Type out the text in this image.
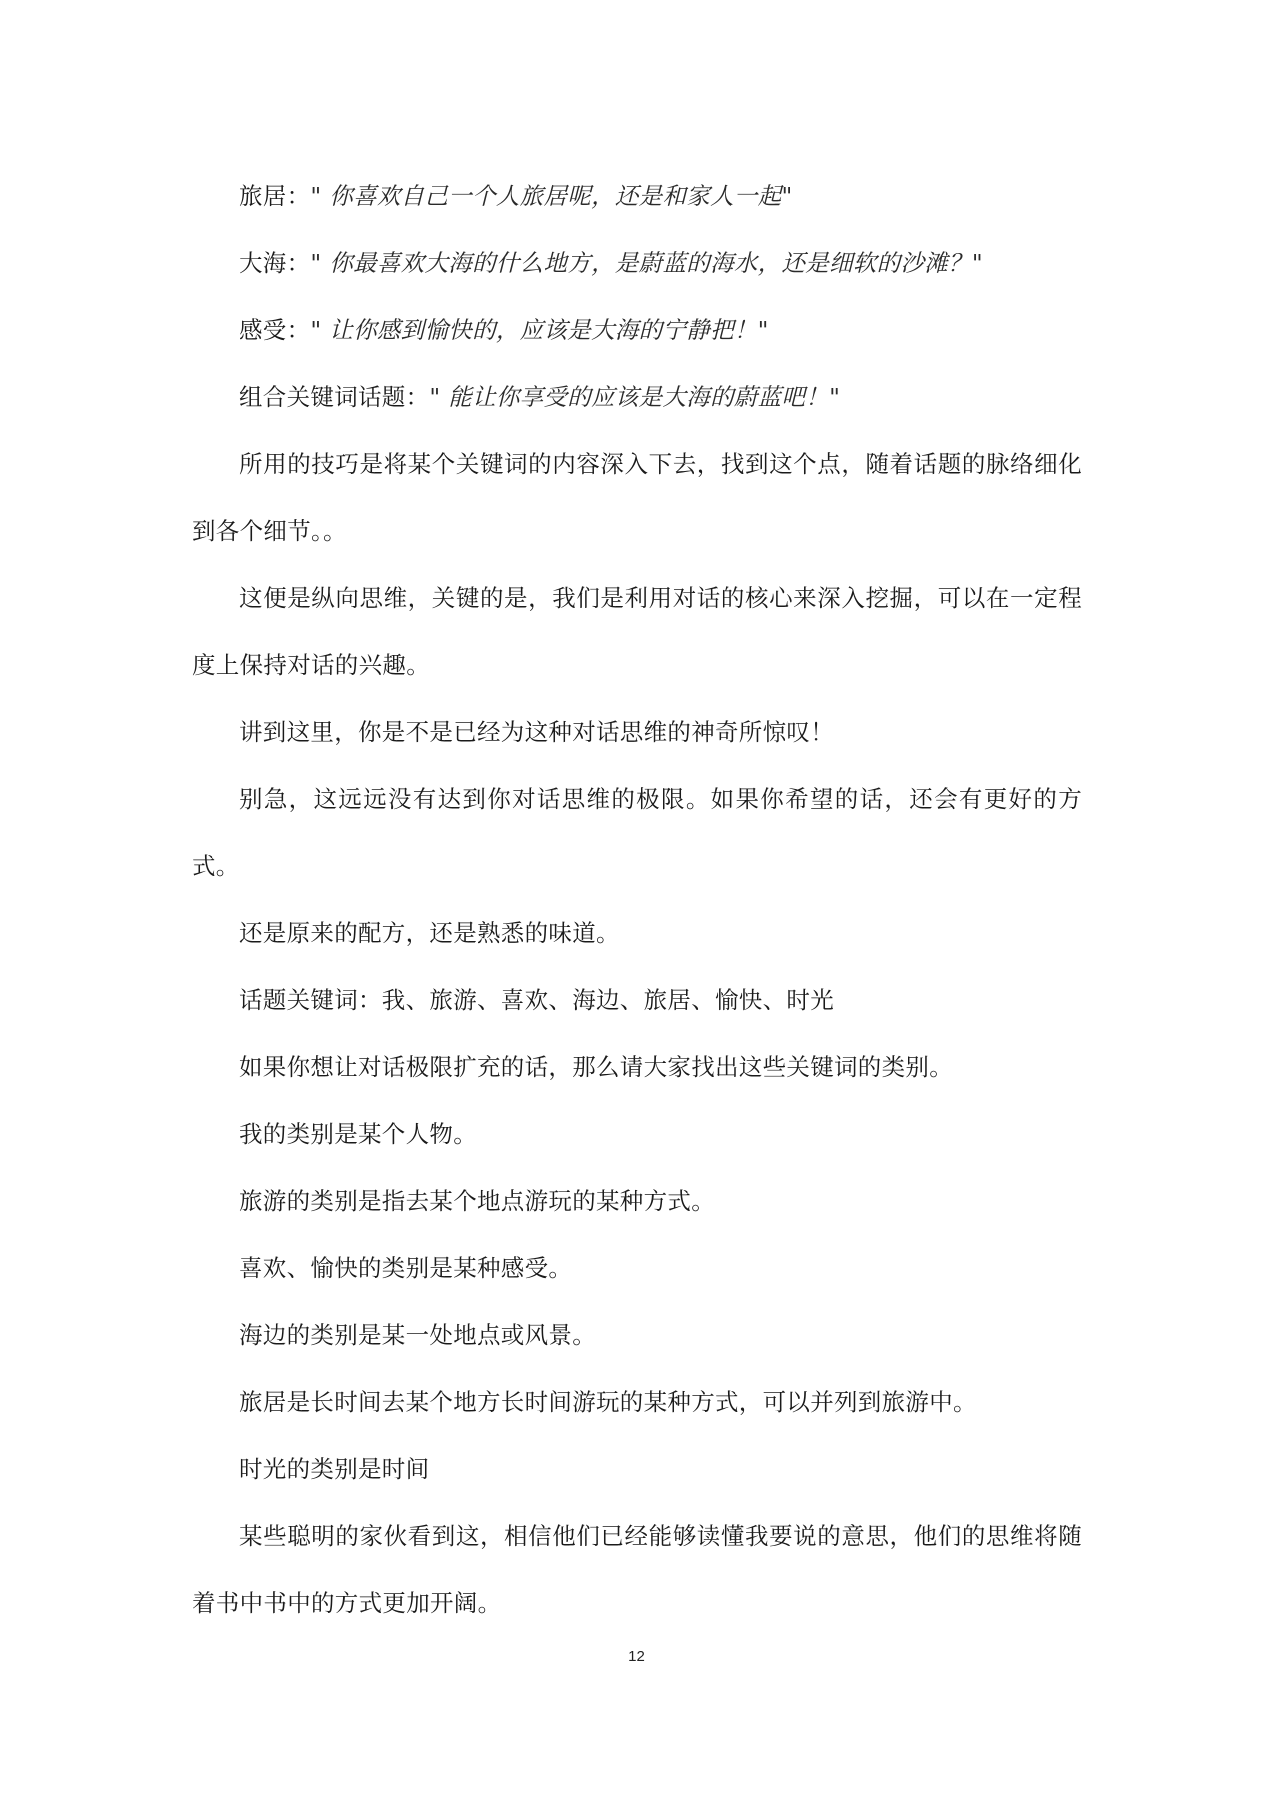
旅居：" 你喜欢自己一个人旅居呢，还是和家人一起"

大海：" 你最喜欢大海的什么地方，是蔚蓝的海水，还是细软的沙滩？"

感受：" 让你感到愉快的，应该是大海的宁静把！"

组合关键词话题：" 能让你享受的应该是大海的蔚蓝吧！"

所用的技巧是将某个关键词的内容深入下去，找到这个点，随着话题的脉络细化到各个细节。。

这便是纵向思维，关键的是，我们是利用对话的核心来深入挖掘，可以在一定程度上保持对话的兴趣。

讲到这里，你是不是已经为这种对话思维的神奇所惊叹！

别急，这远远没有达到你对话思维的极限。如果你希望的话，还会有更好的方式。

还是原来的配方，还是熟悉的味道。

话题关键词：我、旅游、喜欢、海边、旅居、愉快、时光

如果你想让对话极限扩充的话，那么请大家找出这些关键词的类别。

我的类别是某个人物。

旅游的类别是指去某个地点游玩的某种方式。

喜欢、愉快的类别是某种感受。

海边的类别是某一处地点或风景。

旅居是长时间去某个地方长时间游玩的某种方式，可以并列到旅游中。

时光的类别是时间

某些聪明的家伙看到这，相信他们已经能够读懂我要说的意思，他们的思维将随着书中书中的方式更加开阔。

12
